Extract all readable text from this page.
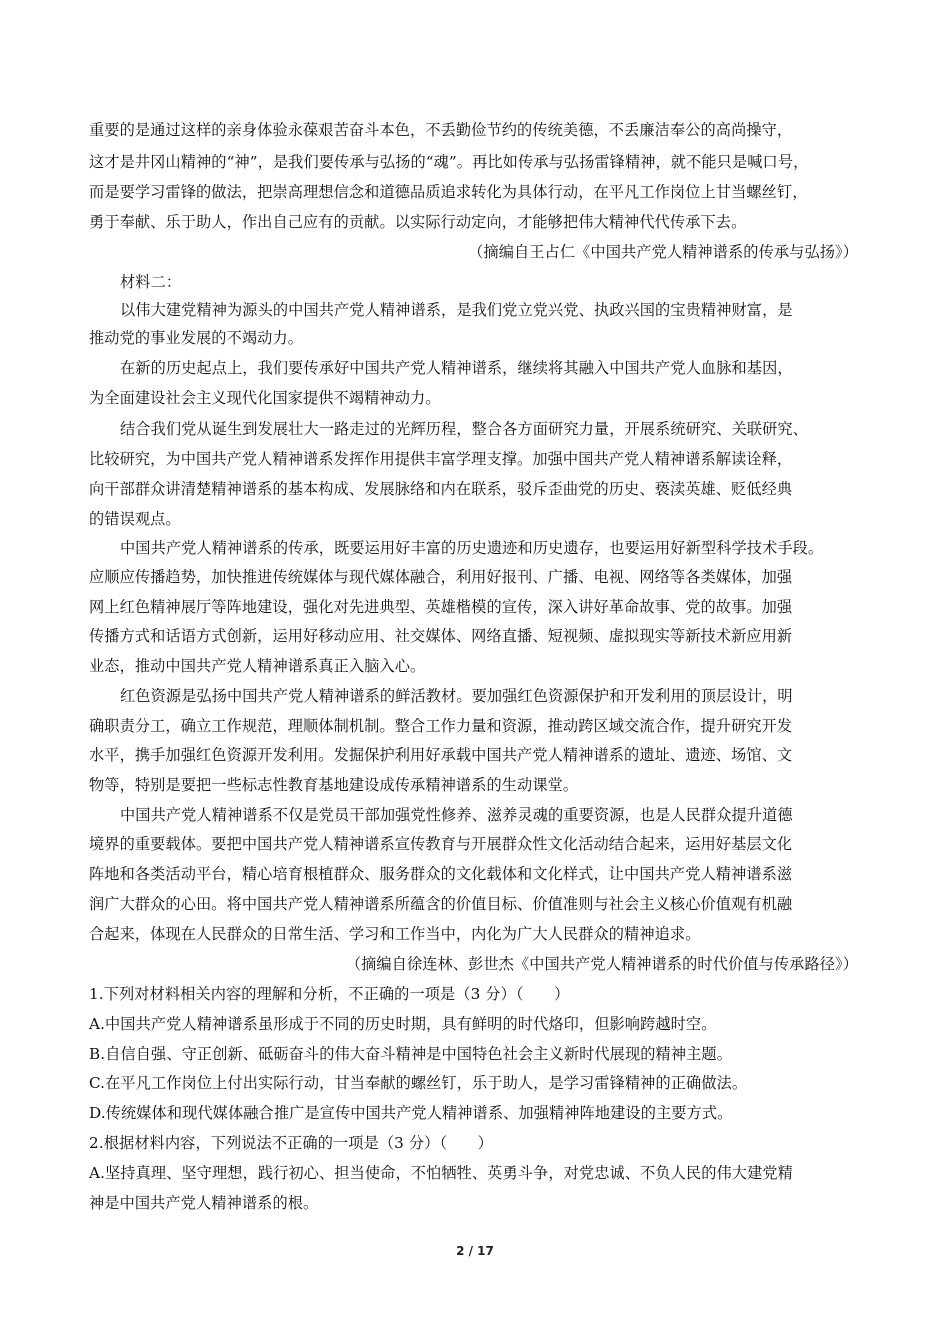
重要的是通过这样的亲身体验永葆艰苦奋斗本色，不丢勤俭节约的传统美德，不丢廉洁奉公的高尚操守，
这才是井冈山精神的“神”，是我们要传承与弘扬的“魂”。再比如传承与弘扬雷锋精神，就不能只是喊口号，
而是要学习雷锋的做法，把崇高理想信念和道德品质追求转化为具体行动，在平凡工作岗位上甘当螺丝钉，
勇于奉献、乐于助人，作出自己应有的贡献。以实际行动定向，才能够把伟大精神代代传承下去。
（摘编自王占仁《中国共产党人精神谱系的传承与弘扬》）
材料二：
以伟大建党精神为源头的中国共产党人精神谱系，是我们党立党兴党、执政兴国的宝贵精神财富，是
推动党的事业发展的不竭动力。
在新的历史起点上，我们要传承好中国共产党人精神谱系，继续将其融入中国共产党人血脉和基因，
为全面建设社会主义现代化国家提供不竭精神动力。
结合我们党从诞生到发展壮大一路走过的光辉历程，整合各方面研究力量，开展系统研究、关联研究、
比较研究，为中国共产党人精神谱系发挥作用提供丰富学理支撑。加强中国共产党人精神谱系解读诠释，
向干部群众讲清楚精神谱系的基本构成、发展脉络和内在联系，驳斥歪曲党的历史、亵渎英雄、贬低经典
的错误观点。
中国共产党人精神谱系的传承，既要运用好丰富的历史遗迹和历史遗存，也要运用好新型科学技术手段。
应顺应传播趋势，加快推进传统媒体与现代媒体融合，利用好报刊、广播、电视、网络等各类媒体，加强
网上红色精神展厅等阵地建设，强化对先进典型、英雄楷模的宣传，深入讲好革命故事、党的故事。加强
传播方式和话语方式创新，运用好移动应用、社交媒体、网络直播、短视频、虚拟现实等新技术新应用新
业态，推动中国共产党人精神谱系真正入脑入心。
红色资源是弘扬中国共产党人精神谱系的鲜活教材。要加强红色资源保护和开发利用的顶层设计，明
确职责分工，确立工作规范，理顺体制机制。整合工作力量和资源，推动跨区域交流合作，提升研究开发
水平，携手加强红色资源开发利用。发掘保护利用好承载中国共产党人精神谱系的遗址、遗迹、场馆、文
物等，特别是要把一些标志性教育基地建设成传承精神谱系的生动课堂。
中国共产党人精神谱系不仅是党员干部加强党性修养、滋养灵魂的重要资源，也是人民群众提升道德
境界的重要载体。要把中国共产党人精神谱系宣传教育与开展群众性文化活动结合起来，运用好基层文化
阵地和各类活动平台，精心培育根植群众、服务群众的文化载体和文化样式，让中国共产党人精神谱系滋
润广大群众的心田。将中国共产党人精神谱系所蕴含的价值目标、价值准则与社会主义核心价值观有机融
合起来，体现在人民群众的日常生活、学习和工作当中，内化为广大人民群众的精神追求。
（摘编自徐连林、彭世杰《中国共产党人精神谱系的时代价值与传承路径》）
1.下列对材料相关内容的理解和分析，不正确的一项是（3 分）（　　）
A.中国共产党人精神谱系虽形成于不同的历史时期，具有鲜明的时代烙印，但影响跨越时空。
B.自信自强、守正创新、砥砺奋斗的伟大奋斗精神是中国特色社会主义新时代展现的精神主题。
C.在平凡工作岗位上付出实际行动，甘当奉献的螺丝钉，乐于助人，是学习雷锋精神的正确做法。
D.传统媒体和现代媒体融合推广是宣传中国共产党人精神谱系、加强精神阵地建设的主要方式。
2.根据材料内容，下列说法不正确的一项是（3 分）（　　）
A.坚持真理、坚守理想，践行初心、担当使命，不怕牺牲、英勇斗争，对党忠诚、不负人民的伟大建党精
神是中国共产党人精神谱系的根。
2 / 17
